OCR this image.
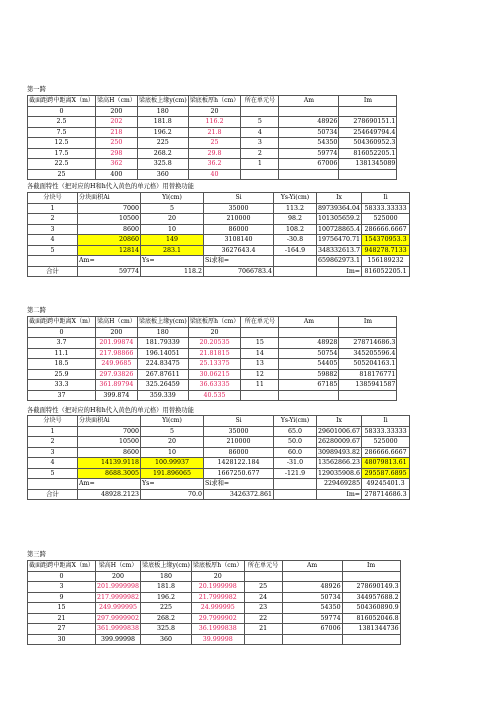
第一跨
截面距跨中距离X（m）	梁高H（cm）	梁底板上缘y(cm)	梁底板厚h（cm）	所在单元号	Am	Im
0	200	180	20			
2.5	202	181.8	116.2	5	48926	278690151.1
7.5	218	196.2	21.8	4	50734	254649794.4
12.5	250	225	25	3	54350	504360952.3
17.5	298	268.2	29.8	2	59774	816052205.1
22.5	362	325.8	36.2	1	67006	1381345089
25	400	360	40			
各截面特性（把对应的H和h代入黄色的单元格）用替换功能
分块号	分块面积Ai	Yi(cm)	Si	Ys-Yi(cm)	Ix	Ii
1	7000	5	35000	113.2	89739364.04	58333.33333
2	10500	20	210000	98.2	101305659.2	525000
3	8600	10	86000	108.2	100728865.4	286666.6667
4	20860	149	3108140	-30.8	19756470.71	154370953.3
5	12814	283.1	3627643.4	-164.9	348332613.7	948278.7133
	Am=	Ys=	Si求和=		659862973.1	156189232
合计	59774	118.2	7066783.4		Im=	816052205.1
第二跨
截面距跨中距离X（m）	梁高H（cm）	梁底板上缘y(cm)	梁底板厚h（cm）	所在单元号	Am	Im
0	200	180	20			
3.7	201.99874	181.79339	20.20535	15	48928	278714686.3
11.1	217.98866	196.14051	21.81815	14	50754	345205596.4
18.5	249.9685	224.83475	25.13375	13	54405	505204163.1
25.9	297.93826	267.87611	30.06215	12	59882	818176771
33.3	361.89794	325.26459	36.63335	11	67185	1385941587
37	399.874	359.339	40.535			
各截面特性（把对应的H和h代入黄色的单元格）用替换功能
分块号	分块面积Ai	Yi(cm)	Si	Ys-Yi(cm)	Ix	Ii
1	7000	5	35000	65.0	29601006.67	58333.33333
2	10500	20	210000	50.0	26280009.67	525000
3	8600	10	86000	60.0	30989493.82	286666.6667
4	14139.9118	100.99937	1428122.184	-31.0	13562866.23	48079813.61
5	8688.3005	191.896065	1667250.677	-121.9	129035908.6	295587.6895
	Am=	Ys=	Si求和=		229469285	49245401.3
合计	48928.2123	70.0	3426372.861		Im=	278714686.3
第三跨
截面距跨中距离X（m）	梁高H（cm）	梁底板上缘y(cm)	梁底板厚h（cm）	所在单元号	Am	Im
0	200	180	20			
3	201.9999998	181.8	20.1999998	25	48926	278690149.3
9	217.9999982	196.2	21.7999982	24	50734	344957688.2
15	249.999995	225	24.999995	23	54350	504360890.9
21	297.9999902	268.2	29.7999902	22	59774	816052046.8
27	361.9999838	325.8	36.1999838	21	67006	1381344736
30	399.99998	360	39.99998			
